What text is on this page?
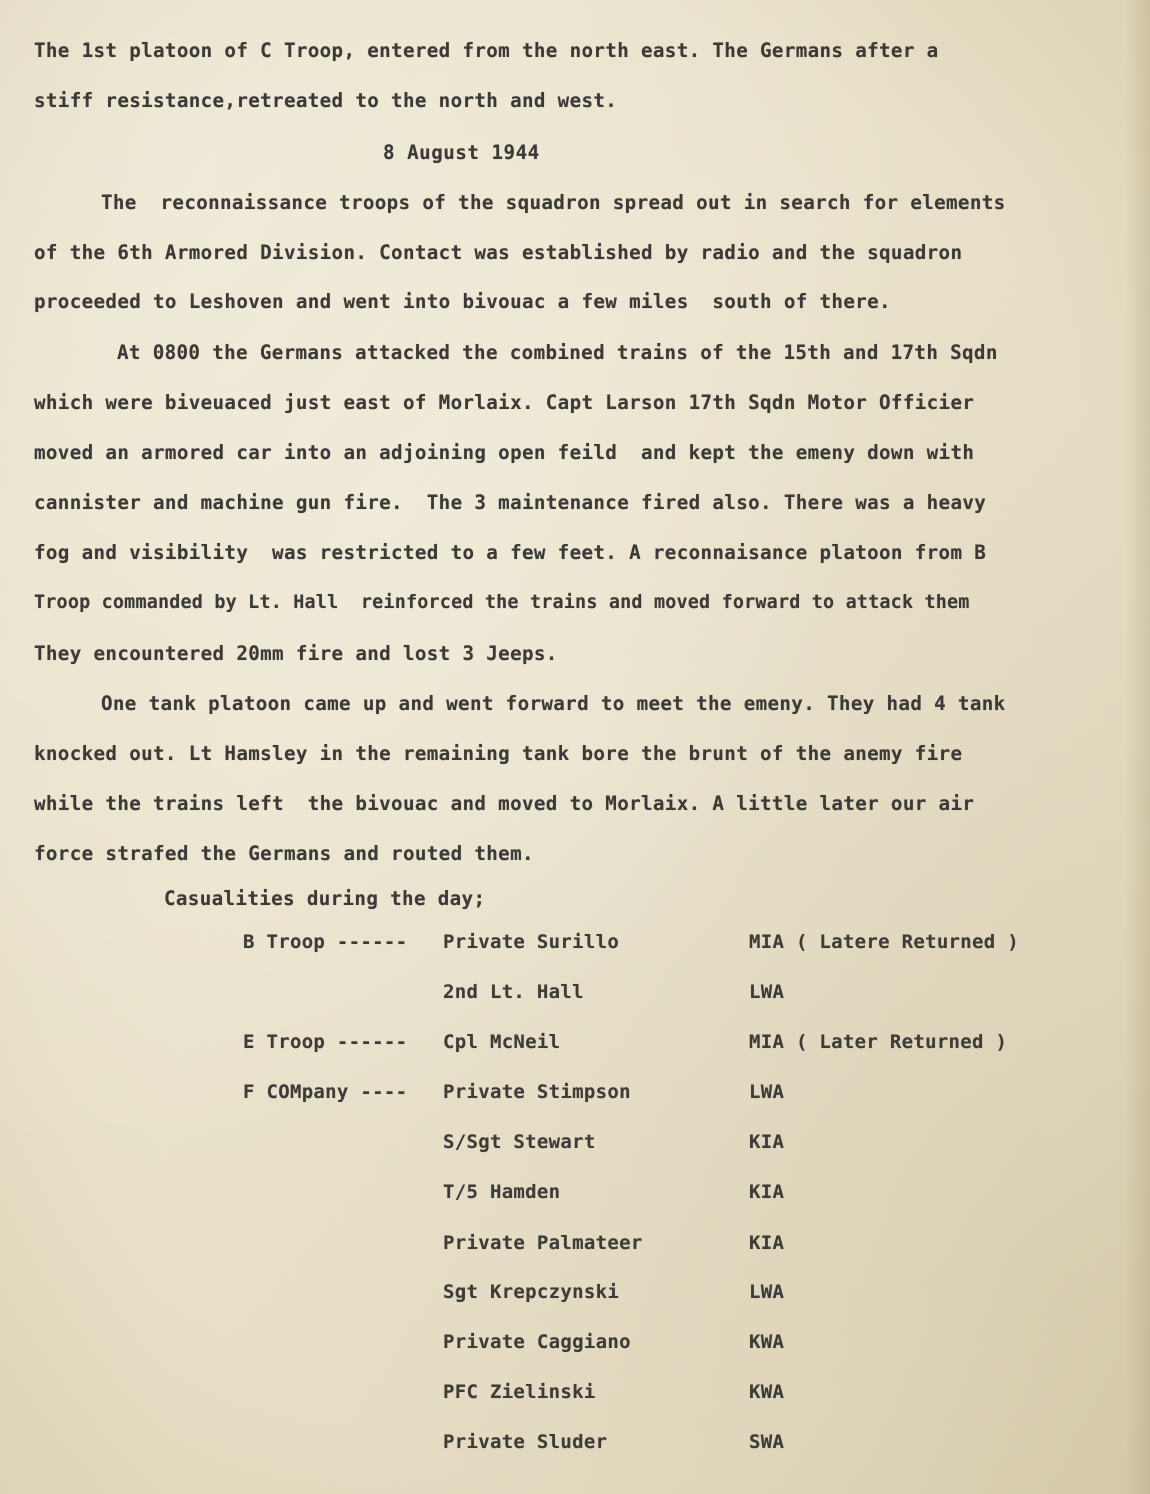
The 1st platoon of C Troop, entered from the north east. The Germans after a

stiff resistance,retreated to the north and west.

8 August 1944

The  reconnaissance troops of the squadron spread out in search for elements

of the 6th Armored Division. Contact was established by radio and the squadron

proceeded to Leshoven and went into bivouac a few miles  south of there.

At 0800 the Germans attacked the combined trains of the 15th and 17th Sqdn

which were biveuaced just east of Morlaix. Capt Larson 17th Sqdn Motor Officier

moved an armored car into an adjoining open feild  and kept the emeny down with

cannister and machine gun fire.  The 3 maintenance fired also. There was a heavy

fog and visibility  was restricted to a few feet. A reconnaisance platoon from B

Troop commanded by Lt. Hall  reinforced the trains and moved forward to attack them

They encountered 20mm fire and lost 3 Jeeps.

One tank platoon came up and went forward to meet the emeny. They had 4 tank

knocked out. Lt Hamsley in the remaining tank bore the brunt of the anemy fire

while the trains left  the bivouac and moved to Morlaix. A little later our air

force strafed the Germans and routed them.

Casualities during the day;

B Troop ------ Private Surillo	MIA ( Latere Returned )
2nd Lt. Hall	LWA
E Troop ------ Cpl McNeil	MIA ( Later Returned )
F COMpany ---- Private Stimpson	LWA
S/Sgt Stewart	KIA
T/5 Hamden	KIA
Private Palmateer	KIA
Sgt Krepczynski	LWA
Private Caggiano	KWA
PFC Zielinski	KWA
Private Sluder	SWA
